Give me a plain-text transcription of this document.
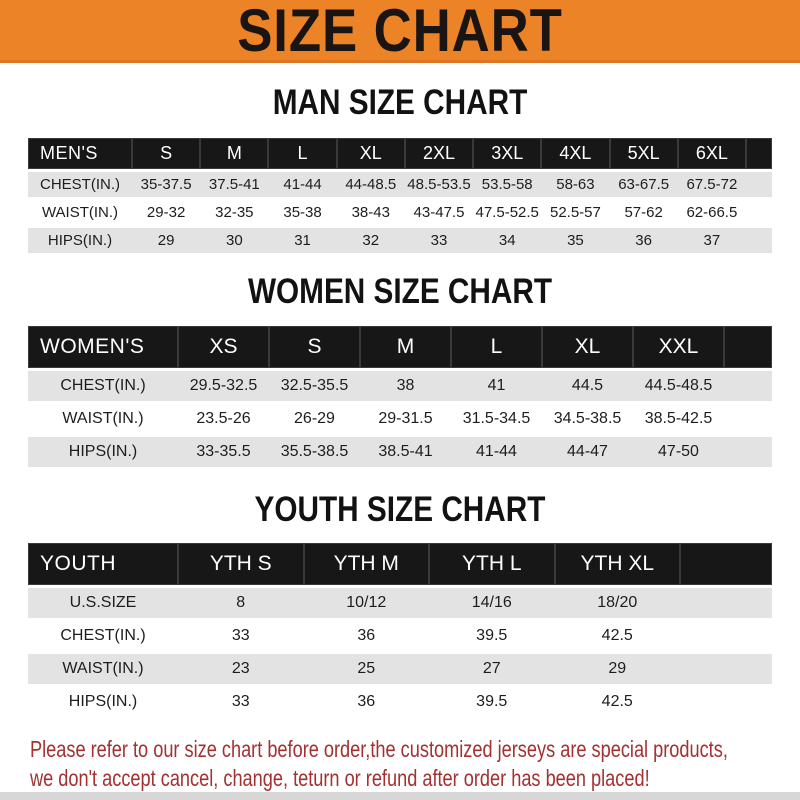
SIZE CHART
MAN SIZE CHART
MEN'S	S	M	L	XL	2XL	3XL	4XL	5XL	6XL	
CHEST(IN.)	35-37.5	37.5-41	41-44	44-48.5	48.5-53.5	53.5-58	58-63	63-67.5	67.5-72	
WAIST(IN.)	29-32	32-35	35-38	38-43	43-47.5	47.5-52.5	52.5-57	57-62	62-66.5	
HIPS(IN.)	29	30	31	32	33	34	35	36	37	
WOMEN SIZE CHART
WOMEN'S	XS	S	M	L	XL	XXL	
CHEST(IN.)	29.5-32.5	32.5-35.5	38	41	44.5	44.5-48.5	
WAIST(IN.)	23.5-26	26-29	29-31.5	31.5-34.5	34.5-38.5	38.5-42.5	
HIPS(IN.)	33-35.5	35.5-38.5	38.5-41	41-44	44-47	47-50	
YOUTH SIZE CHART
YOUTH	YTH S	YTH M	YTH L	YTH XL	
U.S.SIZE	8	10/12	14/16	18/20	
CHEST(IN.)	33	36	39.5	42.5	
WAIST(IN.)	23	25	27	29	
HIPS(IN.)	33	36	39.5	42.5	

Please refer to our size chart before order,the customized jerseys are special products,

we don't accept cancel, change, teturn or refund after order has been placed!
